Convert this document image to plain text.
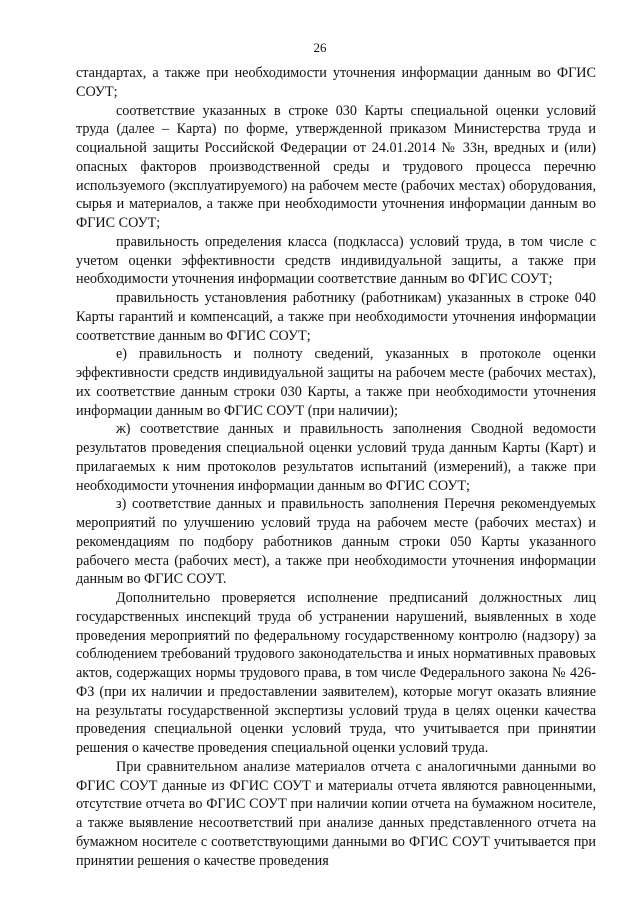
26

стандартах, а также при необходимости уточнения информации данным во ФГИС СОУТ;

соответствие указанных в строке 030 Карты специальной оценки условий труда (далее – Карта) по форме, утвержденной приказом Министерства труда и социальной защиты Российской Федерации от 24.01.2014 № 33н, вредных и (или) опасных факторов производственной среды и трудового процесса перечню используемого (эксплуатируемого) на рабочем месте (рабочих местах) оборудования, сырья и материалов, а также при необходимости уточнения информации данным во ФГИС СОУТ;

правильность определения класса (подкласса) условий труда, в том числе с учетом оценки эффективности средств индивидуальной защиты, а также при необходимости уточнения информации соответствие данным во ФГИС СОУТ;

правильность установления работнику (работникам) указанных в строке 040 Карты гарантий и компенсаций, а также при необходимости уточнения информации соответствие данным во ФГИС СОУТ;

е) правильность и полноту сведений, указанных в протоколе оценки эффективности средств индивидуальной защиты на рабочем месте (рабочих местах), их соответствие данным строки 030 Карты, а также при необходимости уточнения информации данным во ФГИС СОУТ (при наличии);

ж) соответствие данных и правильность заполнения Сводной ведомости результатов проведения специальной оценки условий труда данным Карты (Карт) и прилагаемых к ним протоколов результатов испытаний (измерений), а также при необходимости уточнения информации данным во ФГИС СОУТ;

з) соответствие данных и правильность заполнения Перечня рекомендуемых мероприятий по улучшению условий труда на рабочем месте (рабочих местах) и рекомендациям по подбору работников данным строки 050 Карты указанного рабочего места (рабочих мест), а также при необходимости уточнения информации данным во ФГИС СОУТ.

Дополнительно проверяется исполнение предписаний должностных лиц государственных инспекций труда об устранении нарушений, выявленных в ходе проведения мероприятий по федеральному государственному контролю (надзору) за соблюдением требований трудового законодательства и иных нормативных правовых актов, содержащих нормы трудового права, в том числе Федерального закона № 426-ФЗ (при их наличии и предоставлении заявителем), которые могут оказать влияние на результаты государственной экспертизы условий труда в целях оценки качества проведения специальной оценки условий труда, что учитывается при принятии решения о качестве проведения специальной оценки условий труда.

При сравнительном анализе материалов отчета с аналогичными данными во ФГИС СОУТ данные из ФГИС СОУТ и материалы отчета являются равноценными, отсутствие отчета во ФГИС СОУТ при наличии копии отчета на бумажном носителе, а также выявление несоответствий при анализе данных представленного отчета на бумажном носителе с соответствующими данными во ФГИС СОУТ учитывается при принятии решения о качестве проведения
